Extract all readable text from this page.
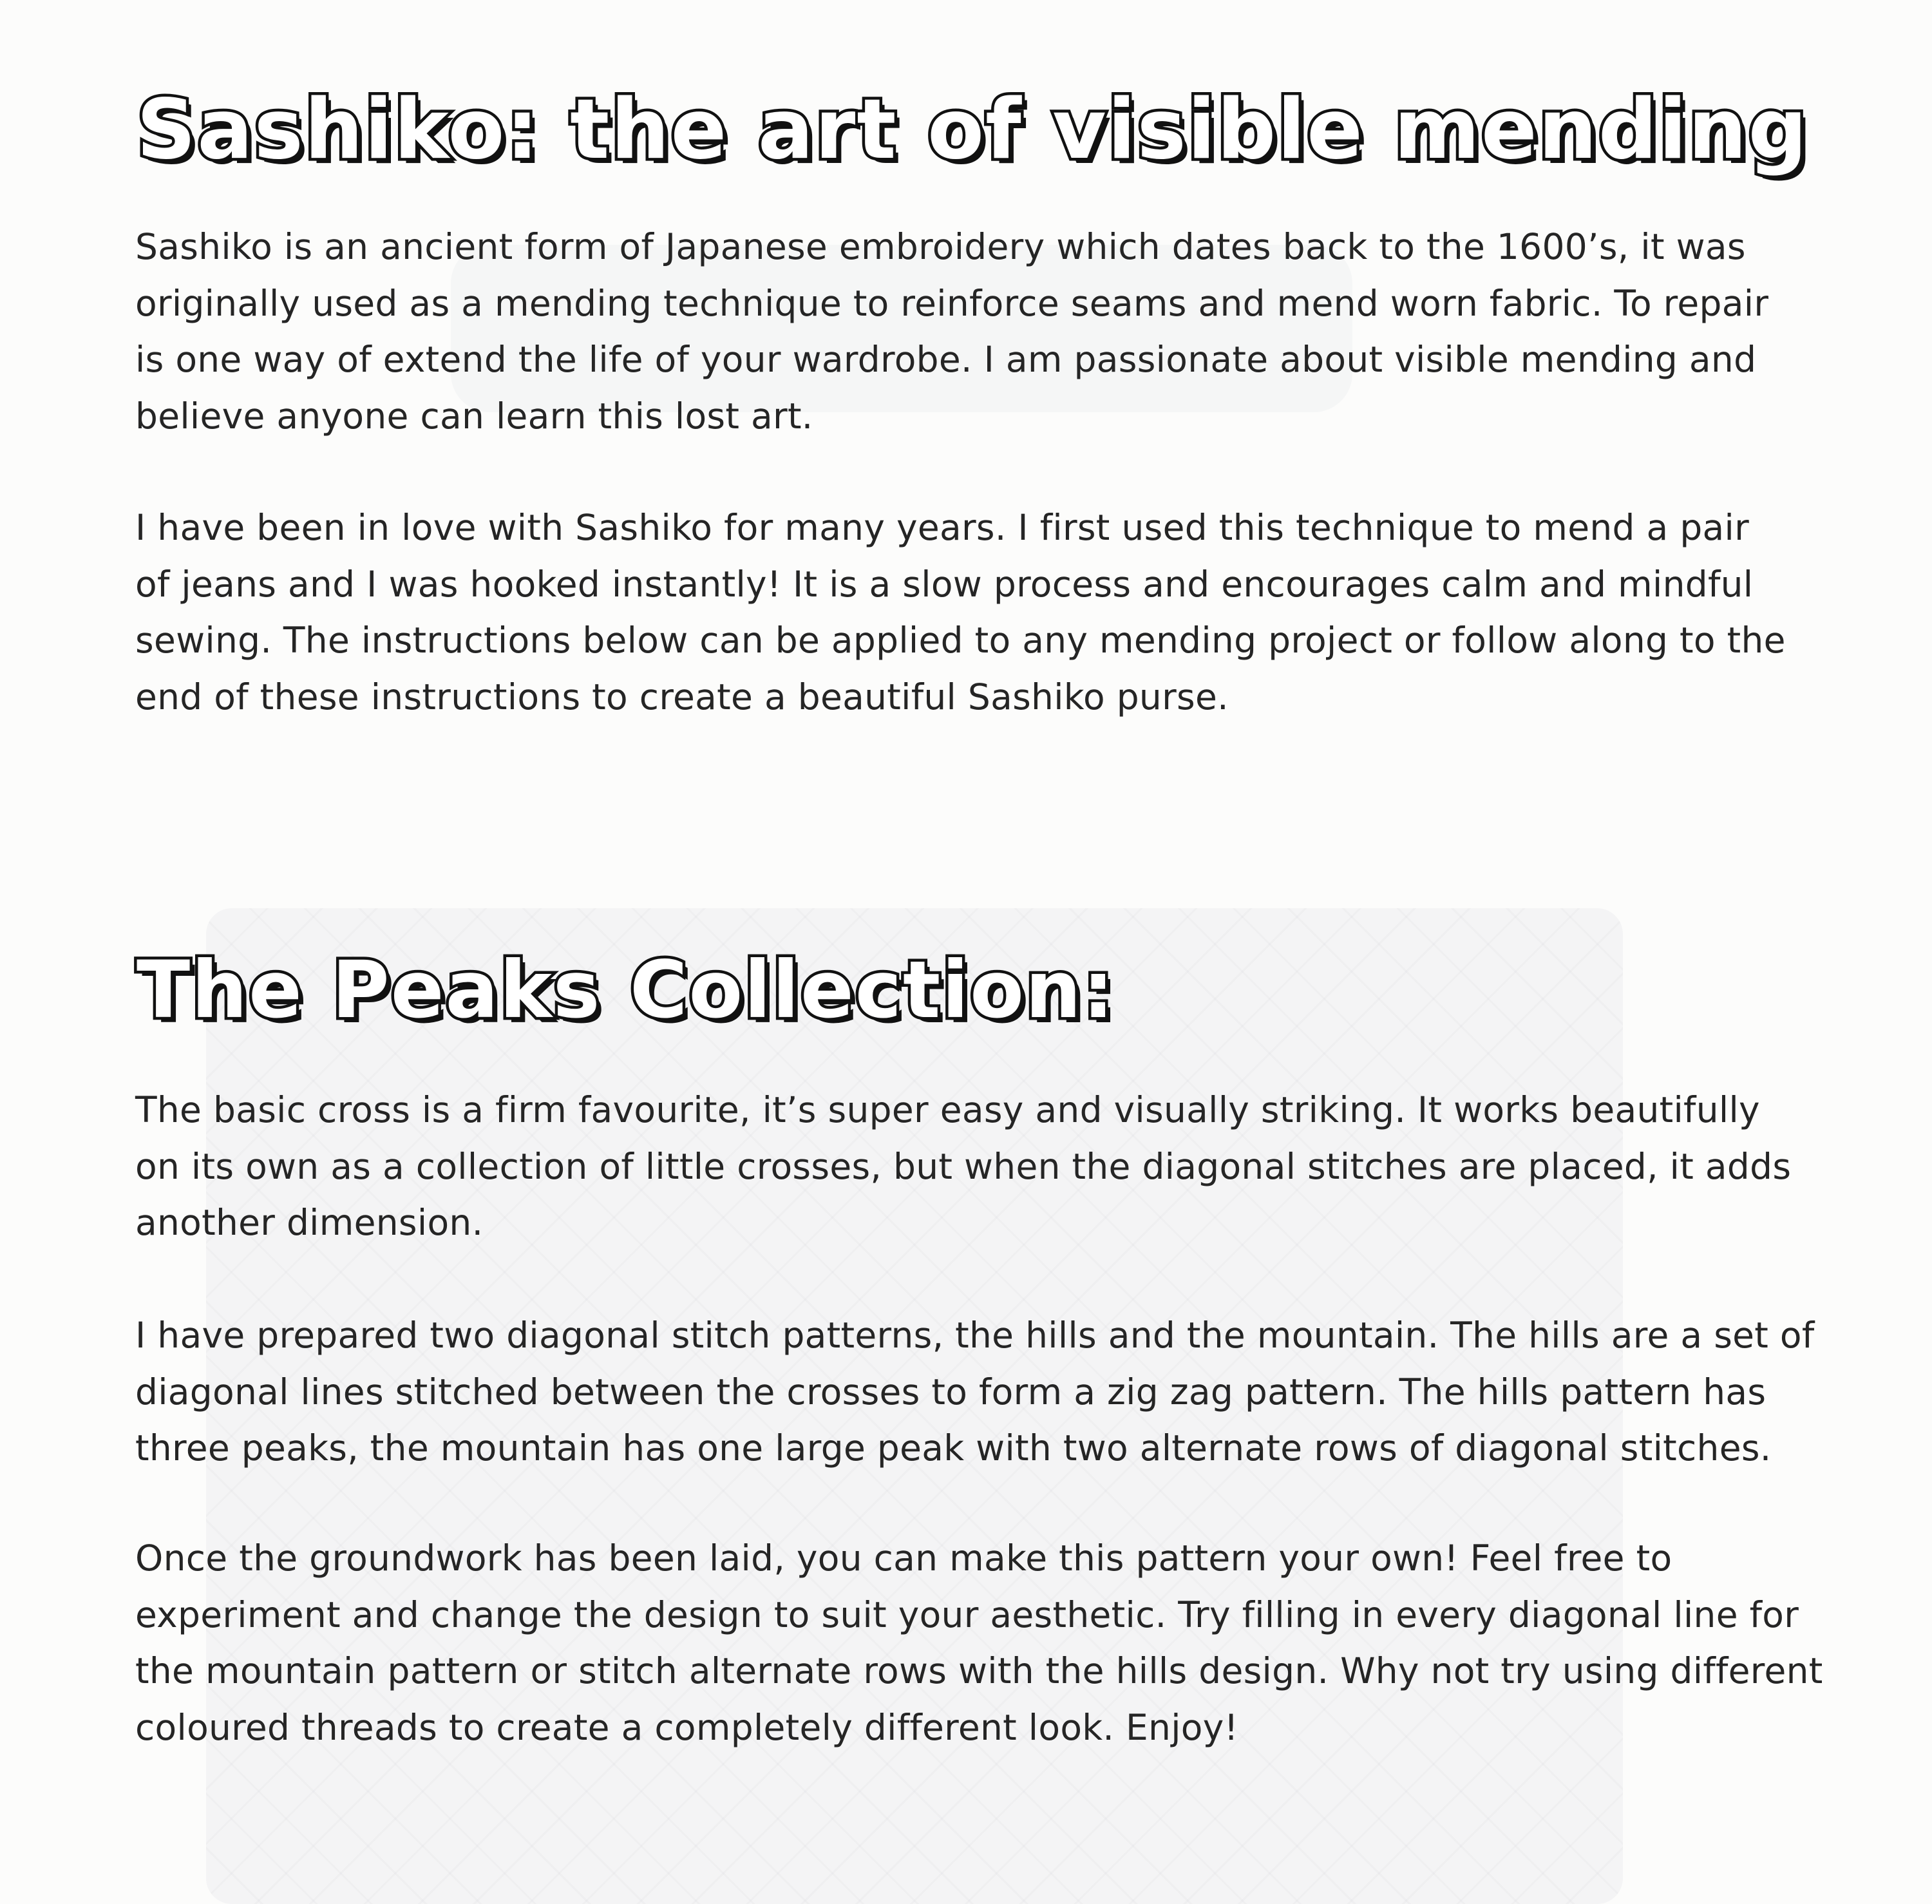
Sashiko: the art of visible mending

Sashiko is an ancient form of Japanese embroidery which dates back to the 1600’s, it was
originally used as a mending technique to reinforce seams and mend worn fabric. To repair
is one way of extend the life of your wardrobe. I am passionate about visible mending and
believe anyone can learn this lost art.

I have been in love with Sashiko for many years. I first used this technique to mend a pair
of jeans and I was hooked instantly! It is a slow process and encourages calm and mindful
sewing. The instructions below can be applied to any mending project or follow along to the
end of these instructions to create a beautiful Sashiko purse.

The Peaks Collection:

The basic cross is a firm favourite, it’s super easy and visually striking. It works beautifully
on its own as a collection of little crosses, but when the diagonal stitches are placed, it adds
another dimension.

I have prepared two diagonal stitch patterns, the hills and the mountain. The hills are a set of
diagonal lines stitched between the crosses to form a zig zag pattern. The hills pattern has
three peaks, the mountain has one large peak with two alternate rows of diagonal stitches.

Once the groundwork has been laid, you can make this pattern your own! Feel free to
experiment and change the design to suit your aesthetic. Try filling in every diagonal line for
the mountain pattern or stitch alternate rows with the hills design. Why not try using different
coloured threads to create a completely different look. Enjoy!
